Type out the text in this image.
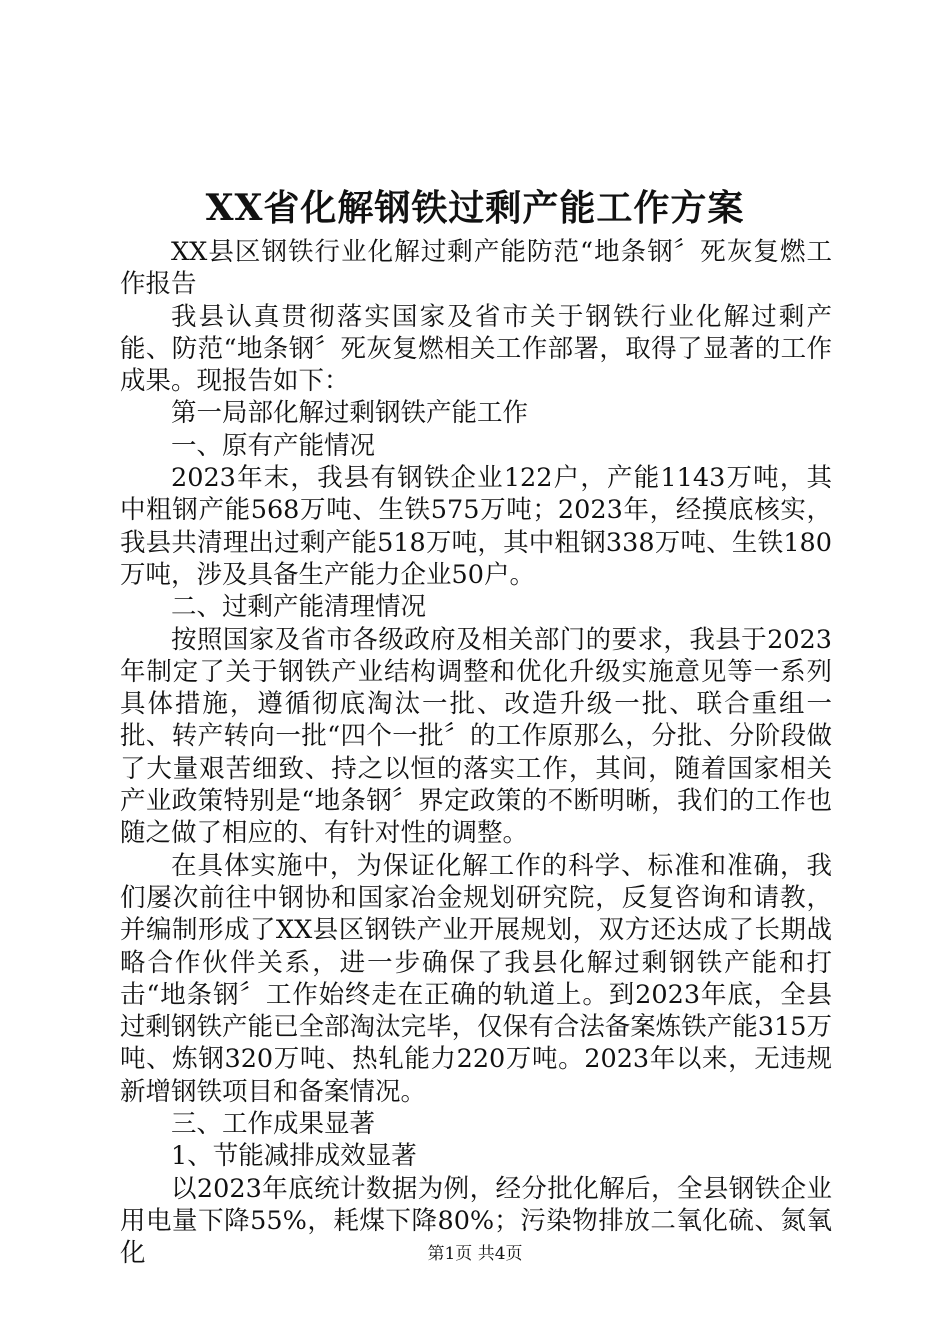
XX省化解钢铁过剩产能工作方案

XX县区钢铁行业化解过剩产能防范“地条钢〞死灰复燃工作报告

我县认真贯彻落实国家及省市关于钢铁行业化解过剩产能、防范“地条钢〞死灰复燃相关工作部署，取得了显著的工作成果。现报告如下：

第一局部化解过剩钢铁产能工作

一、原有产能情况

2023年末，我县有钢铁企业122户，产能1143万吨，其中粗钢产能568万吨、生铁575万吨；2023年，经摸底核实，我县共清理出过剩产能518万吨，其中粗钢338万吨、生铁180万吨，涉及具备生产能力企业50户。

二、过剩产能清理情况

按照国家及省市各级政府及相关部门的要求，我县于2023年制定了关于钢铁产业结构调整和优化升级实施意见等一系列具体措施，遵循彻底淘汰一批、改造升级一批、联合重组一批、转产转向一批“四个一批〞的工作原那么，分批、分阶段做了大量艰苦细致、持之以恒的落实工作，其间，随着国家相关产业政策特别是“地条钢〞界定政策的不断明晰，我们的工作也随之做了相应的、有针对性的调整。

在具体实施中，为保证化解工作的科学、标准和准确，我们屡次前往中钢协和国家冶金规划研究院，反复咨询和请教，并编制形成了XX县区钢铁产业开展规划，双方还达成了长期战略合作伙伴关系，进一步确保了我县化解过剩钢铁产能和打击“地条钢〞工作始终走在正确的轨道上。到2023年底，全县过剩钢铁产能已全部淘汰完毕，仅保有合法备案炼铁产能315万吨、炼钢320万吨、热轧能力220万吨。2023年以来，无违规新增钢铁项目和备案情况。

三、工作成果显著

1、节能减排成效显著

以2023年底统计数据为例，经分批化解后，全县钢铁企业用电量下降55%，耗煤下降80%；污染物排放二氧化硫、氮氧化	第1页 共4页
